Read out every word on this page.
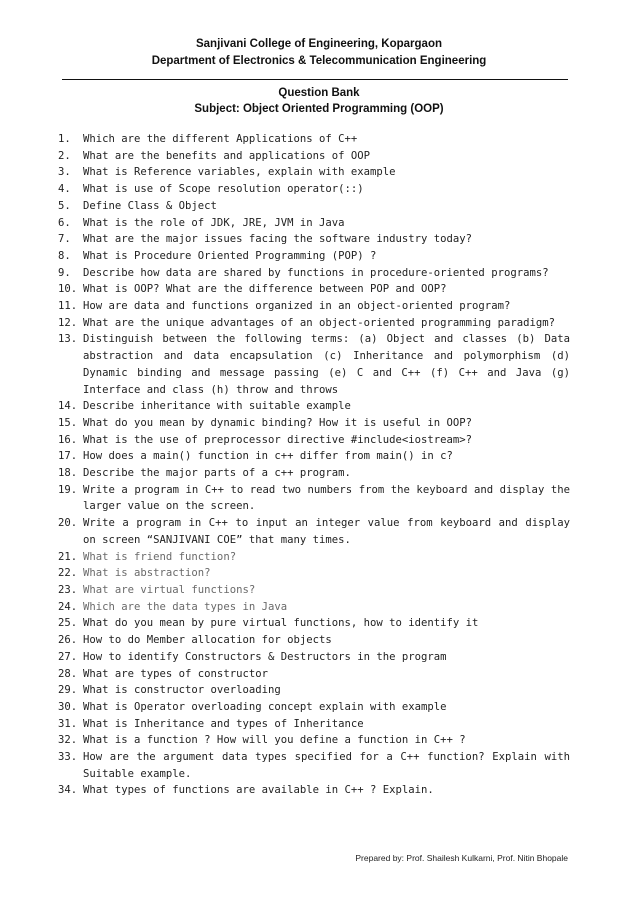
Sanjivani College of Engineering, Kopargaon
Department of Electronics & Telecommunication Engineering
Question Bank
Subject: Object Oriented Programming (OOP)
1.	Which are the different Applications of C++
2.	What are the benefits and applications of OOP
3.	What is Reference variables, explain with example
4.	What is use of Scope resolution operator(::)
5.	Define Class & Object
6.	What is the role of JDK, JRE, JVM in Java
7.	What are the major issues facing the software industry today?
8.	What is Procedure Oriented Programming (POP) ?
9.	Describe how data are shared by functions in procedure-oriented programs?
10. What is OOP? What are the difference between POP and OOP?
11. How are data and functions organized in an object-oriented program?
12. What are the unique advantages of an object-oriented programming paradigm?
13. Distinguish between the following terms: (a) Object and classes (b) Data abstraction and data encapsulation (c) Inheritance and polymorphism (d) Dynamic binding and message passing (e) C and C++ (f) C++ and Java (g) Interface and class (h) throw and throws
14. Describe inheritance with suitable example
15. What do you mean by dynamic binding? How it is useful in OOP?
16. What is the use of preprocessor directive #include<iostream>?
17. How does a main() function in c++ differ from main() in c?
18. Describe the major parts of a c++ program.
19. Write a program in C++ to read two numbers from the keyboard and display the larger value on the screen.
20. Write a program in C++ to input an integer value from keyboard and display on screen “SANJIVANI COE” that many times.
21. What is friend function?
22. What is abstraction?
23. What are virtual functions?
24. Which are the data types in Java
25. What do you mean by pure virtual functions, how to identify it
26. How to do Member allocation for objects
27. How to identify Constructors & Destructors in the program
28. What are types of constructor
29. What is constructor overloading
30. What is Operator overloading concept explain with example
31. What is Inheritance and types of Inheritance
32. What is a function ? How will you define a function in C++ ?
33. How are the argument data types specified for a C++ function? Explain with Suitable example.
34. What types of functions are available in C++ ? Explain.
Prepared by: Prof. Shailesh Kulkarni, Prof. Nitin Bhopale
